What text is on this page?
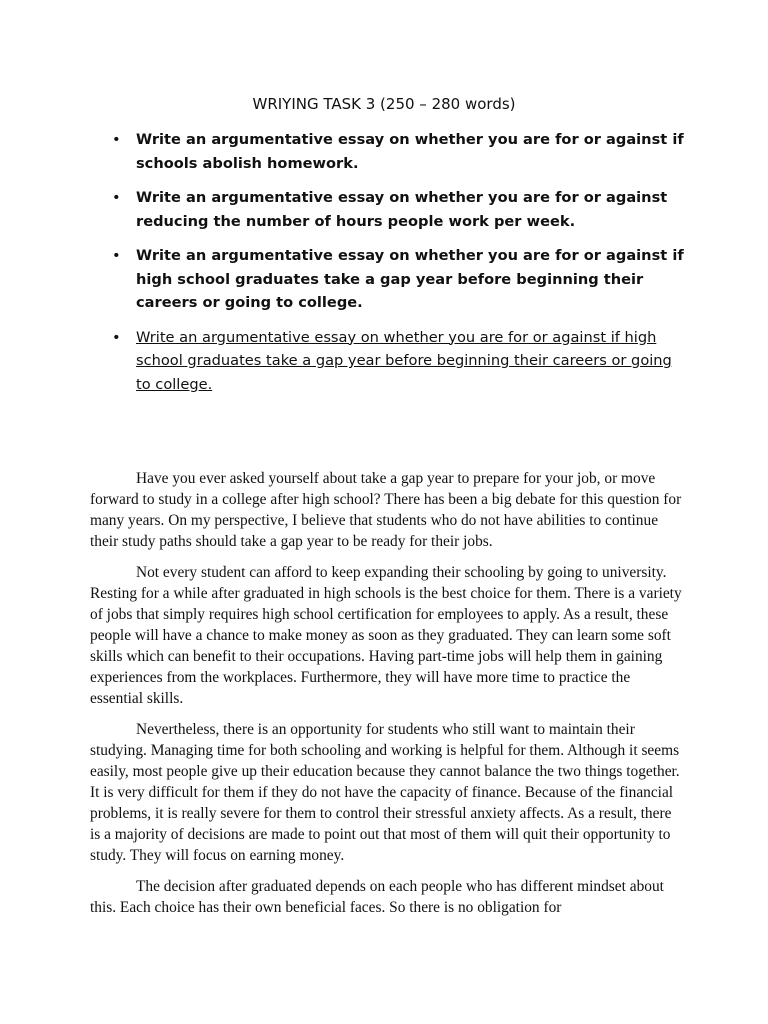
WRIYING TASK 3 (250 – 280 words)
• Write an argumentative essay on whether you are for or against if schools abolish homework.
• Write an argumentative essay on whether you are for or against reducing the number of hours people work per week.
• Write an argumentative essay on whether you are for or against if high school graduates take a gap year before beginning their careers or going to college.
• Write an argumentative essay on whether you are for or against if high school graduates take a gap year before beginning their careers or going to college.

Have you ever asked yourself about take a gap year to prepare for your job, or move forward to study in a college after high school? There has been a big debate for this question for many years. On my perspective, I believe that students who do not have abilities to continue their study paths should take a gap year to be ready for their jobs.

Not every student can afford to keep expanding their schooling by going to university. Resting for a while after graduated in high schools is the best choice for them. There is a variety of jobs that simply requires high school certification for employees to apply. As a result, these people will have a chance to make money as soon as they graduated. They can learn some soft skills which can benefit to their occupations. Having part-time jobs will help them in gaining experiences from the workplaces. Furthermore, they will have more time to practice the essential skills.

Nevertheless, there is an opportunity for students who still want to maintain their studying. Managing time for both schooling and working is helpful for them. Although it seems easily, most people give up their education because they cannot balance the two things together. It is very difficult for them if they do not have the capacity of finance. Because of the financial problems, it is really severe for them to control their stressful anxiety affects. As a result, there is a majority of decisions are made to point out that most of them will quit their opportunity to study. They will focus on earning money.

The decision after graduated depends on each people who has different mindset about this. Each choice has their own beneficial faces. So there is no obligation for
